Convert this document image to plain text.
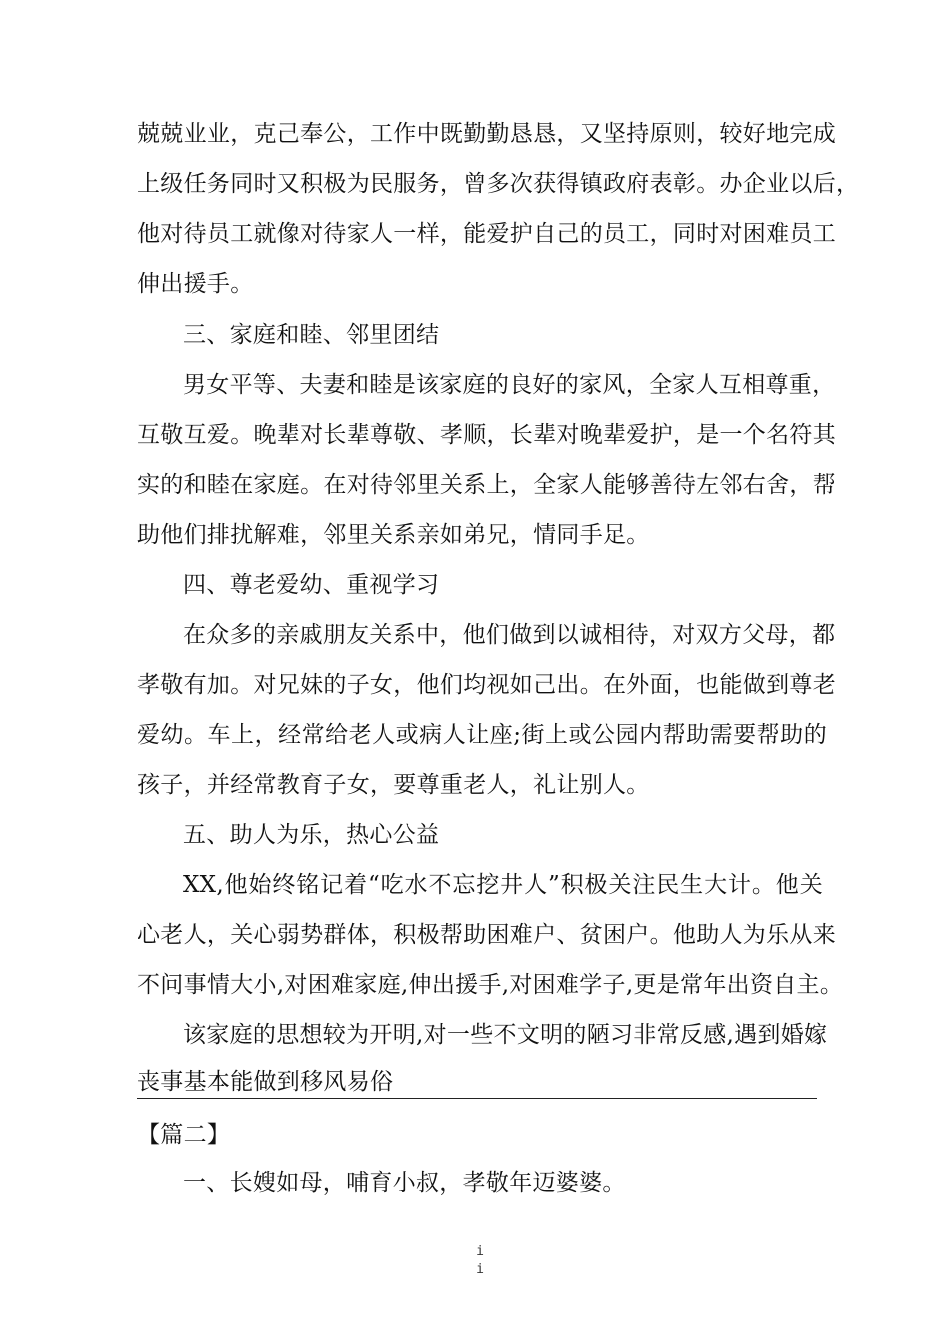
兢兢业业，克己奉公，工作中既勤勤恳恳，又坚持原则，较好地完成
上级任务同时又积极为民服务，曾多次获得镇政府表彰。办企业以后，
他对待员工就像对待家人一样，能爱护自己的员工，同时对困难员工
伸出援手。
三、家庭和睦、邻里团结
男女平等、夫妻和睦是该家庭的良好的家风，全家人互相尊重，
互敬互爱。晚辈对长辈尊敬、孝顺，长辈对晚辈爱护，是一个名符其
实的和睦在家庭。在对待邻里关系上，全家人能够善待左邻右舍，帮
助他们排扰解难，邻里关系亲如弟兄，情同手足。
四、尊老爱幼、重视学习
在众多的亲戚朋友关系中，他们做到以诚相待，对双方父母，都
孝敬有加。对兄妹的子女，他们均视如己出。在外面，也能做到尊老
爱幼。车上，经常给老人或病人让座;街上或公园内帮助需要帮助的
孩子，并经常教育子女，要尊重老人，礼让别人。
五、助人为乐，热心公益
XX,他始终铭记着“吃水不忘挖井人”积极关注民生大计。他关
心老人，关心弱势群体，积极帮助困难户、贫困户。他助人为乐从来
不问事情大小,对困难家庭,伸出援手,对困难学子,更是常年出资自主。
该家庭的思想较为开明,对一些不文明的陋习非常反感,遇到婚嫁
丧事基本能做到移风易俗
【篇二】
一、长嫂如母，哺育小叔，孝敬年迈婆婆。
i
i
